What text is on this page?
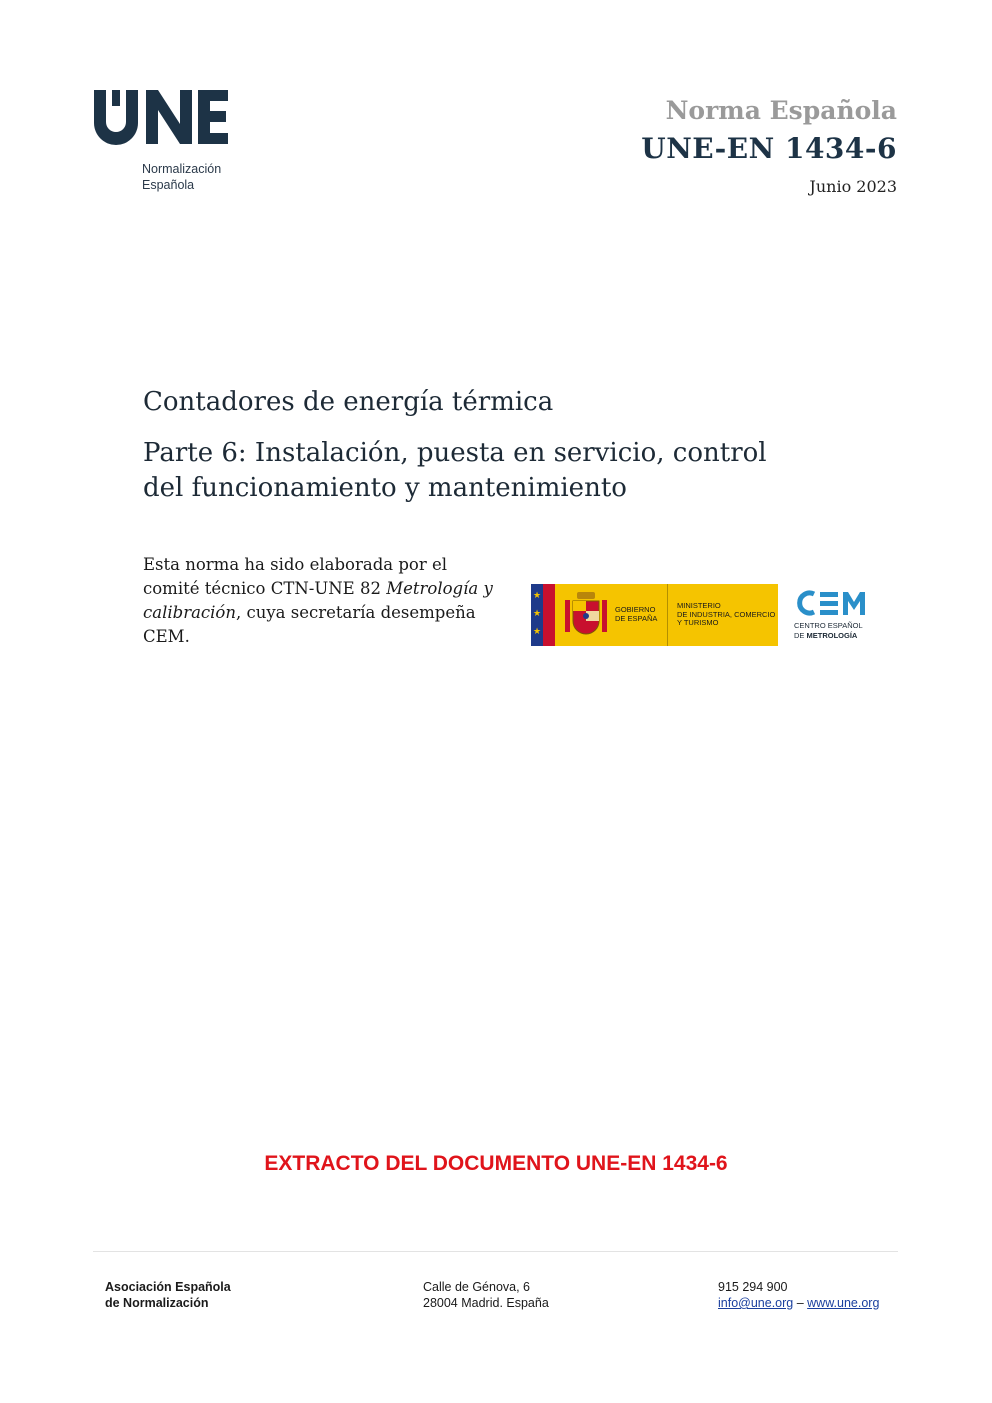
Normalización
Española
Norma Española
UNE-EN 1434-6
Junio 2023
Contadores de energía térmica
Parte 6: Instalación, puesta en servicio, control
del funcionamiento y mantenimiento
Esta norma ha sido elaborada por el comité técnico CTN-UNE 82 Metrología y calibración, cuya secretaría desempeña CEM.
★
★
★
GOBIERNO
DE ESPAÑA
MINISTERIO
DE INDUSTRIA, COMERCIO
Y TURISMO	CENTRO ESPAÑOL
DE METROLOGÍA
EXTRACTO DEL DOCUMENTO UNE-EN 1434-6
Asociación Española
de Normalización
Calle de Génova, 6
28004 Madrid. España
915 294 900
info@une.org – www.une.org
